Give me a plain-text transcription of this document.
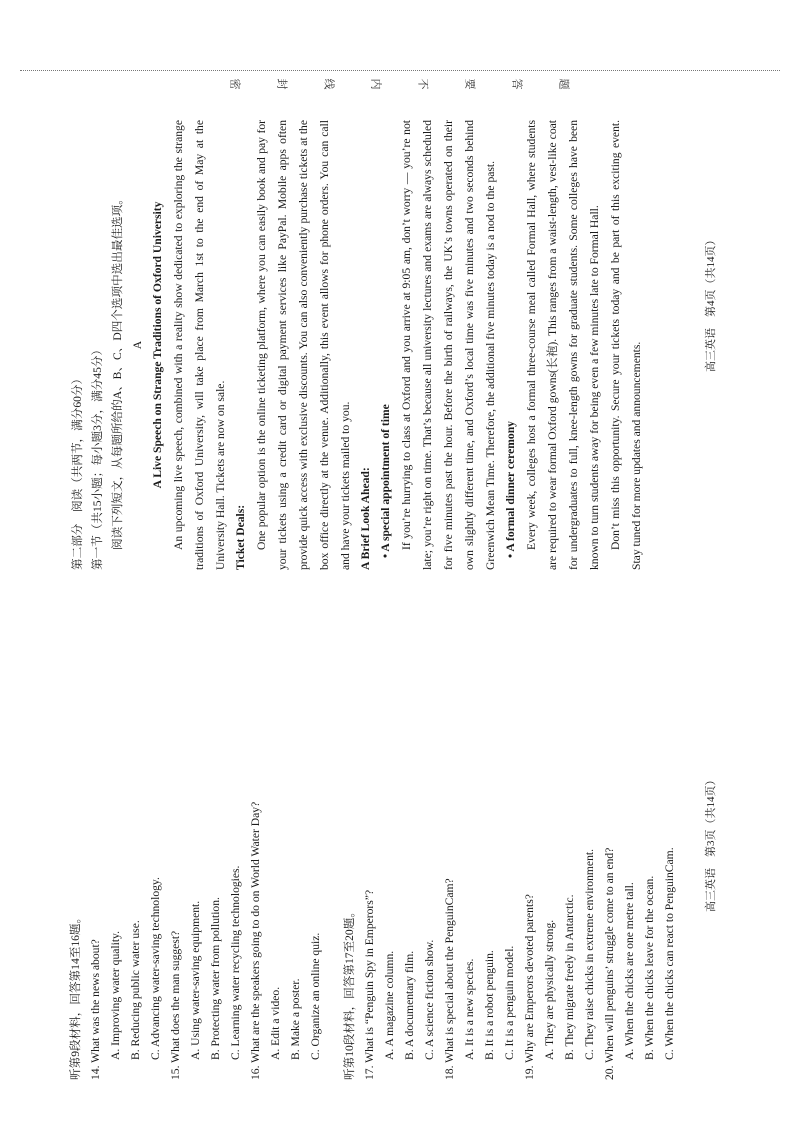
密	封	线	内	不	要	答	题
听第9段材料，回答第14至16题。 14. What was the news about? A. Improving water quality. B. Reducing public water use. C. Advancing water-saving technology. 15. What does the man suggest? A. Using water-saving equipment. B. Protecting water from pollution. C. Learning water recycling technologies. 16. What are the speakers going to do on World Water Day? A. Edit a video. B. Make a poster. C. Organize an online quiz.	听第10段材料，回答第17至20题。 17. What is “Penguin Spy in Emperors”? A. A magazine column. B. A documentary film. C. A science fiction show. 18. What is special about the PenguinCam? A. It is a new species. B. It is a robot penguin. C. It is a penguin model. 19. Why are Emperors devoted parents? A. They are physically strong. B. They migrate freely in Antarctic. C. They raise chicks in extreme environment. 20. When will penguins’ struggle come to an end? A. When the chicks are one metre tall. B. When the chicks leave for the ocean. C. When the chicks can react to PenguinCam.
高三英语　第3页（共14页）
第二部分　阅读（共两节，满分60分） 第一节（共15小题；每小题3分，满分45分） 阅读下列短文，从每题所给的A、B、C、D四个选项中选出最佳选项。 A A Live Speech on Strange Traditions of Oxford University An upcoming live speech, combined with a reality show dedicated to exploring the strange traditions of Oxford University, will take place from March 1st to the end of May at the University Hall. Tickets are now on sale. Ticket Deals: One popular option is the online ticketing platform, where you can easily book and pay for your tickets using a credit card or digital payment services like PayPal. Mobile apps often provide quick access with exclusive discounts. You can also conveniently purchase tickets at the box office directly at the venue. Additionally, this event allows for phone orders. You can call and have your tickets mailed to you. A Brief Look Ahead: • A special appointment of time If you’re hurrying to class at Oxford and you arrive at 9:05 am, don’t worry — you’re not late; you’re right on time. That’s because all university lectures and exams are always scheduled for five minutes past the hour. Before the birth of railways, the UK’s towns operated on their own slightly different time, and Oxford’s local time was five minutes and two seconds behind Greenwich Mean Time. Therefore, the additional five minutes today is a nod to the past. • A formal dinner ceremony Every week, colleges host a formal three-course meal called Formal Hall, where students are required to wear formal Oxford gowns(长袍). This ranges from a waist-length, vest-like coat for undergraduates to full, knee-length gowns for graduate students. Some colleges have been known to turn students away for being even a few minutes late to Formal Hall. Don’t miss this opportunity. Secure your tickets today and be part of this exciting event. Stay tuned for more updates and announcements.
高三英语　第4页（共14页）
